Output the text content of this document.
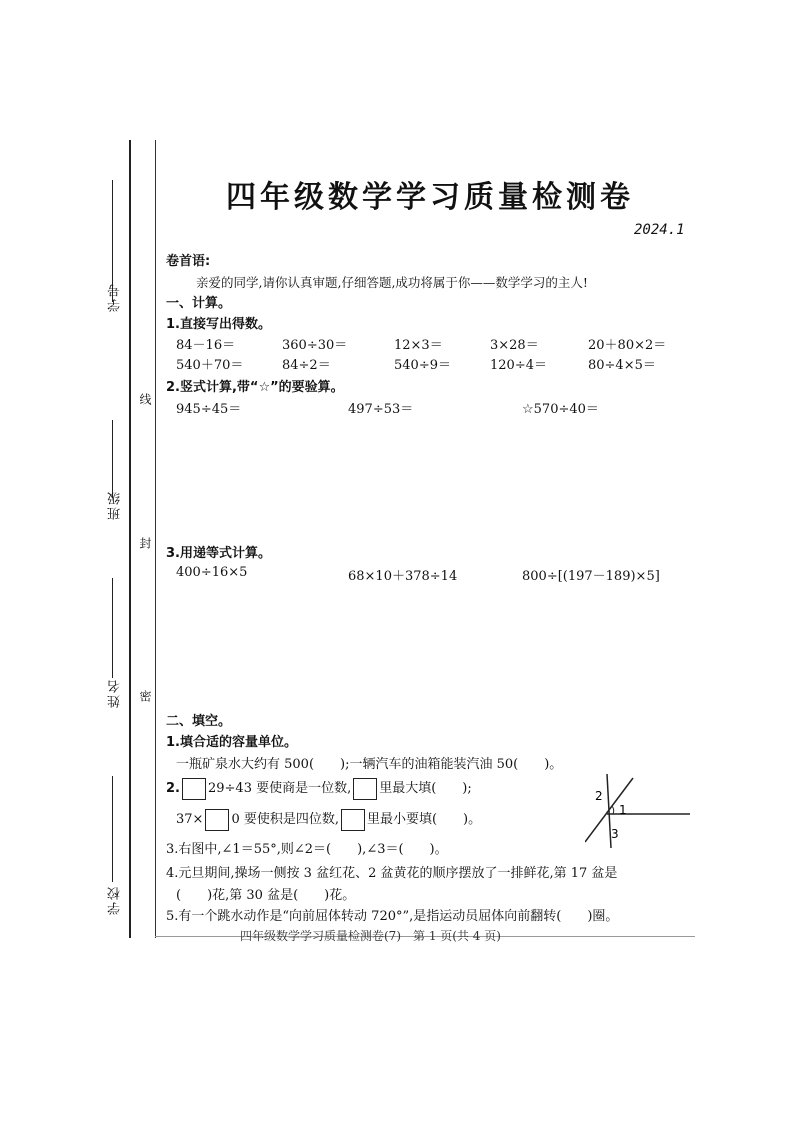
学号
班级
姓名
学校
线
封
密
四年级数学学习质量检测卷
2024.1
卷首语:
亲爱的同学,请你认真审题,仔细答题,成功将属于你——数学学习的主人!
一、计算。
1.直接写出得数。
84－16＝	360÷30＝	12×3＝	3×28＝	20＋80×2＝
540＋70＝	84÷2＝	540÷9＝	120÷4＝	80÷4×5＝
2.竖式计算,带“☆”的要验算。
945÷45＝	497÷53＝	☆570÷40＝
3.用递等式计算。
400÷16×5	68×10＋378÷14	800÷[(197－189)×5]
二、填空。
1.填合适的容量单位。
一瓶矿泉水大约有 500(　　);一辆汽车的油箱能装汽油 50(　　)。
2. 29÷43 要使商是一位数, 里最大填(　　);
37× 0 要使积是四位数, 里最小要填(　　)。
2
1
3
3.右图中,∠1＝55°,则∠2＝(　　),∠3＝(　　)。
4.元旦期间,操场一侧按 3 盆红花、2 盆黄花的顺序摆放了一排鲜花,第 17 盆是
(　　)花,第 30 盆是(　　)花。
5.有一个跳水动作是“向前屈体转动 720°”,是指运动员屈体向前翻转(　　)圈。
四年级数学学习质量检测卷(7)　第 1 页(共 4 页)
